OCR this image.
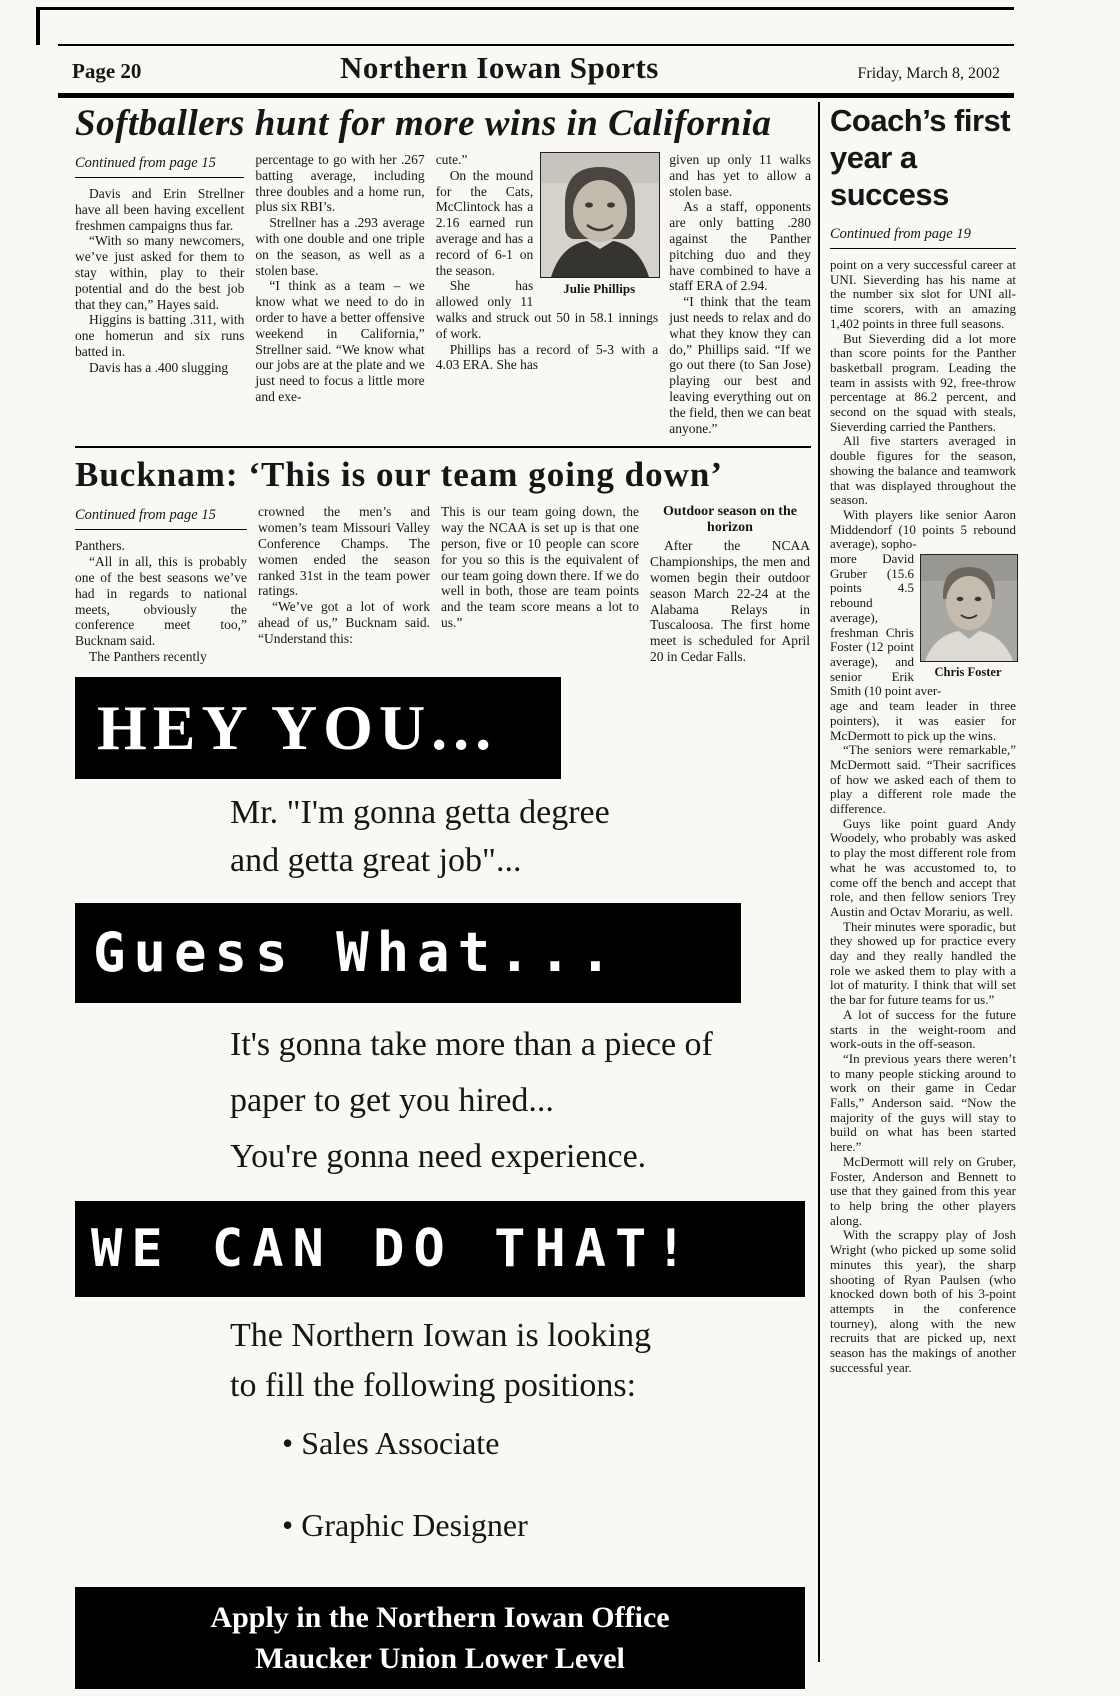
Page 20	Northern Iowan Sports	Friday, March 8, 2002
Softballers hunt for more wins in California
Continued from page 15

Davis and Erin Strellner have all been having excellent freshmen campaigns thus far.

“With so many newcomers, we’ve just asked for them to stay within, play to their potential and do the best job that they can,” Hayes said.

Higgins is batting .311, with one homerun and six runs batted in.

Davis has a .400 slugging

percentage to go with her .267 batting average, including three doubles and a home run, plus six RBI’s.

Strellner has a .293 average with one double and one triple on the season, as well as a stolen base.

“I think as a team – we know what we need to do in order to have a better offensive weekend in California,” Strellner said. “We know what our jobs are at the plate and we just need to focus a little more and exe-

Julie Phillips

cute.”

On the mound for the Cats, McClintock has a 2.16 earned run average and has a record of 6-1 on the season.

She has allowed only 11 walks and struck out 50 in 58.1 innings of work.

Phillips has a record of 5-3 with a 4.03 ERA. She has

given up only 11 walks and has yet to allow a stolen base.

As a staff, opponents are only batting .280 against the Panther pitching duo and they have combined to have a staff ERA of 2.94.

“I think that the team just needs to relax and do what they know they can do,” Phillips said. “If we go out there (to San Jose) playing our best and leaving everything out on the field, then we can beat anyone.”

Bucknam: ‘This is our team going down’
Continued from page 15

Panthers.

“All in all, this is probably one of the best seasons we’ve had in regards to national meets, obviously the conference meet too,” Bucknam said.

The Panthers recently

crowned the men’s and women’s team Missouri Valley Conference Champs. The women ended the season ranked 31st in the team power ratings.

“We’ve got a lot of work ahead of us,” Bucknam said. “Understand this:

This is our team going down, the way the NCAA is set up is that one person, five or 10 people can score for you so this is the equivalent of our team going down there. If we do well in both, those are team points and the team score means a lot to us.”

Outdoor season on the horizon

After the NCAA Championships, the men and women begin their outdoor season March 22-24 at the Alabama Relays in Tuscaloosa. The first home meet is scheduled for April 20 in Cedar Falls.

HEY YOU...
Mr. "I'm gonna getta degree
and getta great job"...
Guess What...
It's gonna take more than a piece of
paper to get you hired...
You're gonna need experience.
WE CAN DO THAT!
The Northern Iowan is looking
to fill the following positions:
• Sales Associate
• Graphic Designer
Apply in the Northern Iowan Office
Maucker Union Lower Level
Coach’s first year a success
Continued from page 19

point on a very successful career at UNI. Sieverding has his name at the number six slot for UNI all-time scorers, with an amazing 1,402 points in three full seasons.

But Sieverding did a lot more than score points for the Panther basketball program. Leading the team in assists with 92, free-throw percentage at 86.2 percent, and second on the squad with steals, Sieverding carried the Panthers.

All five starters averaged in double figures for the season, showing the balance and teamwork that was displayed throughout the season.

With players like senior Aaron Middendorf (10 points 5 rebound average), sopho-

Chris Foster

more David Gruber (15.6 points 4.5 rebound average), freshman Chris Foster (12 point average), and senior Erik Smith (10 point aver-

age and team leader in three pointers), it was easier for McDermott to pick up the wins.

“The seniors were remarkable,” McDermott said. “Their sacrifices of how we asked each of them to play a different role made the difference.

Guys like point guard Andy Woodely, who probably was asked to play the most different role from what he was accustomed to, to come off the bench and accept that role, and then fellow seniors Trey Austin and Octav Morariu, as well.

Their minutes were sporadic, but they showed up for practice every day and they really handled the role we asked them to play with a lot of maturity. I think that will set the bar for future teams for us.”

A lot of success for the future starts in the weight-room and work-outs in the off-season.

“In previous years there weren’t to many people sticking around to work on their game in Cedar Falls,” Anderson said. “Now the majority of the guys will stay to build on what has been started here.”

McDermott will rely on Gruber, Foster, Anderson and Bennett to use that they gained from this year to help bring the other players along.

With the scrappy play of Josh Wright (who picked up some solid minutes this year), the sharp shooting of Ryan Paulsen (who knocked down both of his 3-point attempts in the conference tourney), along with the new recruits that are picked up, next season has the makings of another successful year.
